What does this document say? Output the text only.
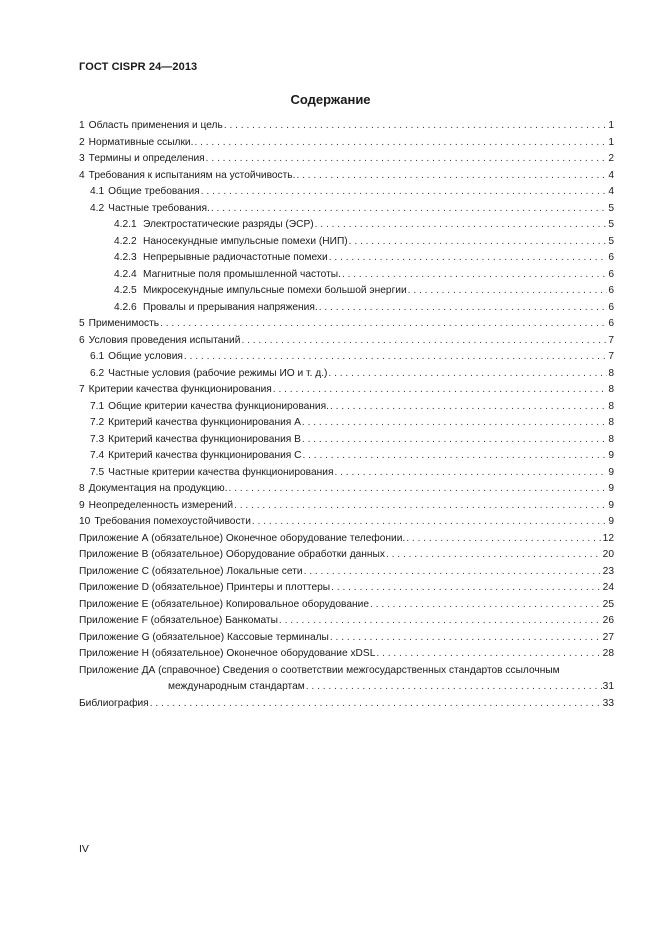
ГОСТ CISPR 24—2013
Содержание
1 Область применения и цель . . .	1
2 Нормативные ссылки. . . .	1
3 Термины и определения . . .	2
4 Требования к испытаниям на устойчивость. . . .	4
4.1 Общие требования . . .	4
4.2 Частные требования. . . .	5
4.2.1 Электростатические разряды (ЭСР) . . .	5
4.2.2 Наносекундные импульсные помехи (НИП) . . .	5
4.2.3 Непрерывные радиочастотные помехи . . .	6
4.2.4 Магнитные поля промышленной частоты. . . .	6
4.2.5 Микросекундные импульсные помехи большой энергии . . .	6
4.2.6 Провалы и прерывания напряжения. . . .	6
5 Применимость . . .	6
6 Условия проведения испытаний . . .	7
6.1 Общие условия . . .	7
6.2 Частные условия (рабочие режимы ИО и т. д.) . . .	8
7 Критерии качества функционирования . . .	8
7.1 Общие критерии качества функционирования. . . .	8
7.2 Критерий качества функционирования А . . .	8
7.3 Критерий качества функционирования В . . .	8
7.4 Критерий качества функционирования С . . .	9
7.5 Частные критерии качества функционирования . . .	9
8 Документация на продукцию. . . .	9
9 Неопределенность измерений . . .	9
10 Требования помехоустойчивости . . .	9
Приложение А (обязательное) Оконечное оборудование телефонии. . . .	12
Приложение В (обязательное) Оборудование обработки данных . . .	20
Приложение С (обязательное) Локальные сети . . .	23
Приложение D (обязательное) Принтеры и плоттеры . . .	24
Приложение Е (обязательное) Копировальное оборудование . . .	25
Приложение F (обязательное) Банкоматы . . .	26
Приложение G (обязательное) Кассовые терминалы . . .	27
Приложение Н (обязательное) Оконечное оборудование xDSL . . .	28
Приложение ДА (справочное) Сведения о соответствии межгосударственных стандартов ссылочным
международным стандартам . . .	31
Библиография . . .	33
IV
